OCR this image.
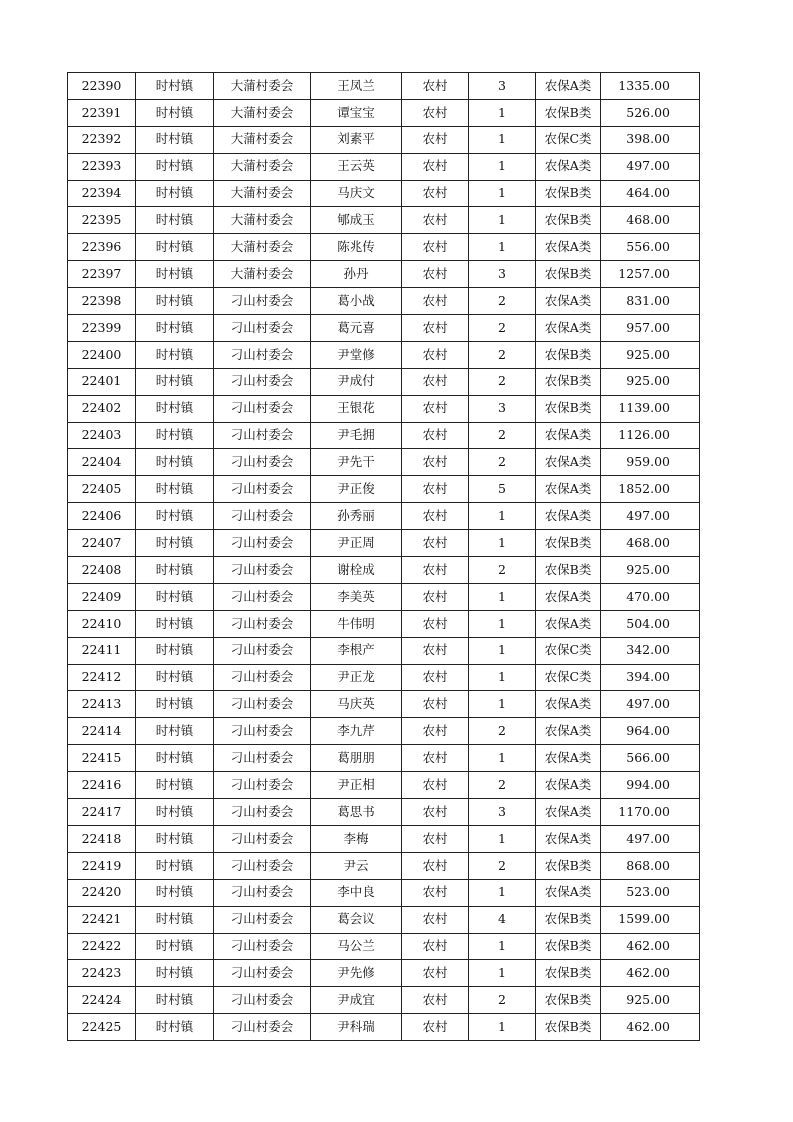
22390	时村镇	大蒲村委会	王凤兰	农村	3	农保A类	1335.00
22391	时村镇	大蒲村委会	谭宝宝	农村	1	农保B类	526.00
22392	时村镇	大蒲村委会	刘素平	农村	1	农保C类	398.00
22393	时村镇	大蒲村委会	王云英	农村	1	农保A类	497.00
22394	时村镇	大蒲村委会	马庆文	农村	1	农保B类	464.00
22395	时村镇	大蒲村委会	郇成玉	农村	1	农保B类	468.00
22396	时村镇	大蒲村委会	陈兆传	农村	1	农保A类	556.00
22397	时村镇	大蒲村委会	孙丹	农村	3	农保B类	1257.00
22398	时村镇	刁山村委会	葛小战	农村	2	农保A类	831.00
22399	时村镇	刁山村委会	葛元喜	农村	2	农保A类	957.00
22400	时村镇	刁山村委会	尹堂修	农村	2	农保B类	925.00
22401	时村镇	刁山村委会	尹成付	农村	2	农保B类	925.00
22402	时村镇	刁山村委会	王银花	农村	3	农保B类	1139.00
22403	时村镇	刁山村委会	尹毛拥	农村	2	农保A类	1126.00
22404	时村镇	刁山村委会	尹先干	农村	2	农保A类	959.00
22405	时村镇	刁山村委会	尹正俊	农村	5	农保A类	1852.00
22406	时村镇	刁山村委会	孙秀丽	农村	1	农保A类	497.00
22407	时村镇	刁山村委会	尹正周	农村	1	农保B类	468.00
22408	时村镇	刁山村委会	谢栓成	农村	2	农保B类	925.00
22409	时村镇	刁山村委会	李美英	农村	1	农保A类	470.00
22410	时村镇	刁山村委会	牛伟明	农村	1	农保A类	504.00
22411	时村镇	刁山村委会	李根产	农村	1	农保C类	342.00
22412	时村镇	刁山村委会	尹正龙	农村	1	农保C类	394.00
22413	时村镇	刁山村委会	马庆英	农村	1	农保A类	497.00
22414	时村镇	刁山村委会	李九芹	农村	2	农保A类	964.00
22415	时村镇	刁山村委会	葛朋朋	农村	1	农保A类	566.00
22416	时村镇	刁山村委会	尹正相	农村	2	农保A类	994.00
22417	时村镇	刁山村委会	葛思书	农村	3	农保A类	1170.00
22418	时村镇	刁山村委会	李梅	农村	1	农保A类	497.00
22419	时村镇	刁山村委会	尹云	农村	2	农保B类	868.00
22420	时村镇	刁山村委会	李中良	农村	1	农保A类	523.00
22421	时村镇	刁山村委会	葛会议	农村	4	农保B类	1599.00
22422	时村镇	刁山村委会	马公兰	农村	1	农保B类	462.00
22423	时村镇	刁山村委会	尹先修	农村	1	农保B类	462.00
22424	时村镇	刁山村委会	尹成宜	农村	2	农保B类	925.00
22425	时村镇	刁山村委会	尹科瑞	农村	1	农保B类	462.00
